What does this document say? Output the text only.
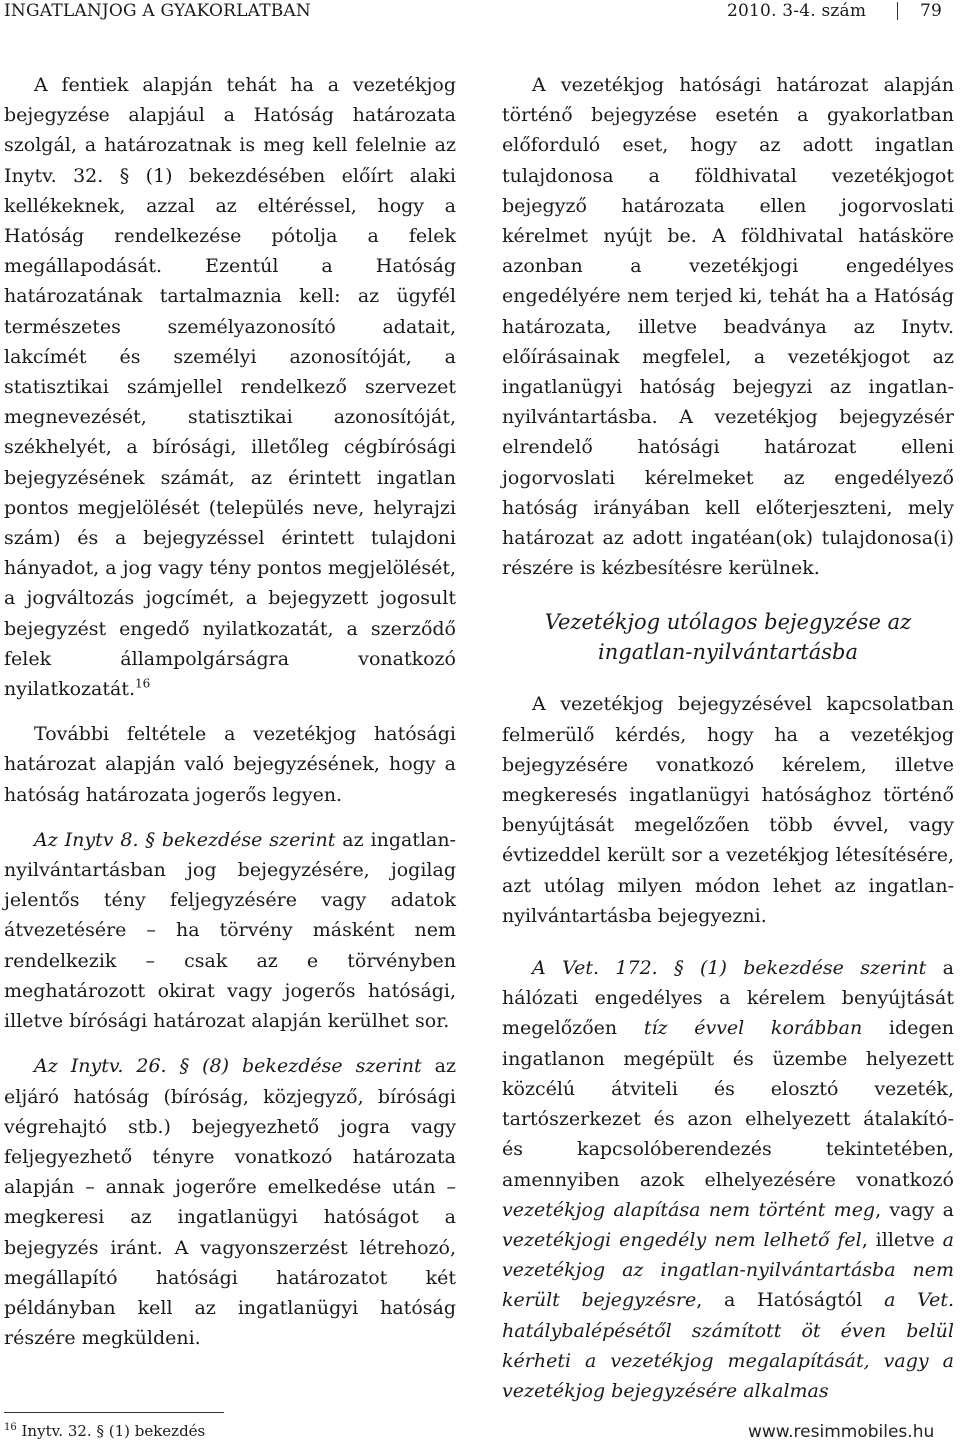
INGATLANJOG A GYAKORLATBAN	2010. 3-4. szám	79

A fentiek alapján tehát ha a vezetékjog bejegyzése alapjául a Hatóság határozata szolgál, a határozatnak is meg kell felelnie az Inytv. 32. § (1) bekezdésében előírt alaki kellékeknek, azzal az eltéréssel, hogy a Hatóság rendelkezése pótolja a felek megállapodását. Ezentúl a Hatóság határozatának tartalmaznia kell: az ügyfél természetes személyazonosító adatait, lakcímét és személyi azonosítóját, a statisztikai számjellel rendelkező szervezet megnevezését, statisztikai azonosítóját, székhelyét, a bírósági, illetőleg cégbírósági bejegyzésének számát, az érintett ingatlan pontos megjelölését (település neve, helyrajzi szám) és a bejegyzéssel érintett tulajdoni hányadot, a jog vagy tény pontos megjelölését, a jogváltozás jogcímét, a bejegyzett jogosult bejegyzést engedő nyilatkozatát, a szerződő felek állampolgárságra vonatkozó nyilatkozatát.$^{16}$

További feltétele a vezetékjog hatósági határozat alapján való bejegyzésének, hogy a hatóság határozata jogerős legyen.

Az Inytv 8. § bekezdése szerint az ingatlan-nyilvántartásban jog bejegyzésére, jogilag jelentős tény feljegyzésére vagy adatok átvezetésére – ha törvény másként nem rendelkezik – csak az e törvényben meghatározott okirat vagy jogerős hatósági, illetve bírósági határozat alapján kerülhet sor.

Az Inytv. 26. § (8) bekezdése szerint az eljáró hatóság (bíróság, közjegyző, bírósági végrehajtó stb.) bejegyezhető jogra vagy feljegyezhető tényre vonatkozó határozata alapján – annak jogerőre emelkedése után – megkeresi az ingatlanügyi hatóságot a bejegyzés iránt. A vagyonszerzést létrehozó, megállapító hatósági határozatot két példányban kell az ingatlanügyi hatóság részére megküldeni.

A vezetékjog hatósági határozat alapján történő bejegyzése esetén a gyakorlatban előforduló eset, hogy az adott ingatlan tulajdonosa a földhivatal vezetékjogot bejegyző határozata ellen jogorvoslati kérelmet nyújt be. A földhivatal hatásköre azonban a vezetékjogi engedélyes engedélyére nem terjed ki, tehát ha a Hatóság határozata, illetve beadványa az Inytv. előírásainak megfelel, a vezetékjogot az ingatlanügyi hatóság bejegyzi az ingatlan-nyilvántartásba. A vezetékjog bejegyzésér elrendelő hatósági határozat elleni jogorvoslati kérelmeket az engedélyező hatóság irányában kell előterjeszteni, mely határozat az adott ingatéan(ok) tulajdonosa(i) részére is kézbesítésre kerülnek.

Vezetékjog utólagos bejegyzése az ingatlan-nyilvántartásba

A vezetékjog bejegyzésével kapcsolatban felmerülő kérdés, hogy ha a vezetékjog bejegyzésére vonatkozó kérelem, illetve megkeresés ingatlanügyi hatósághoz történő benyújtását megelőzően több évvel, vagy évtizeddel került sor a vezetékjog létesítésére, azt utólag milyen módon lehet az ingatlan-nyilvántartásba bejegyezni.

A Vet. 172. § (1) bekezdése szerint a hálózati engedélyes a kérelem benyújtását megelőzően tíz évvel korábban idegen ingatlanon megépült és üzembe helyezett közcélú átviteli és elosztó vezeték, tartószerkezet és azon elhelyezett átalakító- és kapcsolóberendezés tekintetében, amennyiben azok elhelyezésére vonatkozó vezetékjog alapítása nem történt meg, vagy a vezetékjogi engedély nem lelhető fel, illetve a vezetékjog az ingatlan-nyilvántartásba nem került bejegyzésre, a Hatóságtól a Vet. hatálybalépésétől számított öt éven belül kérheti a vezetékjog megalapítását, vagy a vezetékjog bejegyzésére alkalmas

$^{16}$ Inytv. 32. § (1) bekezdés	www.resimmobiles.hu
